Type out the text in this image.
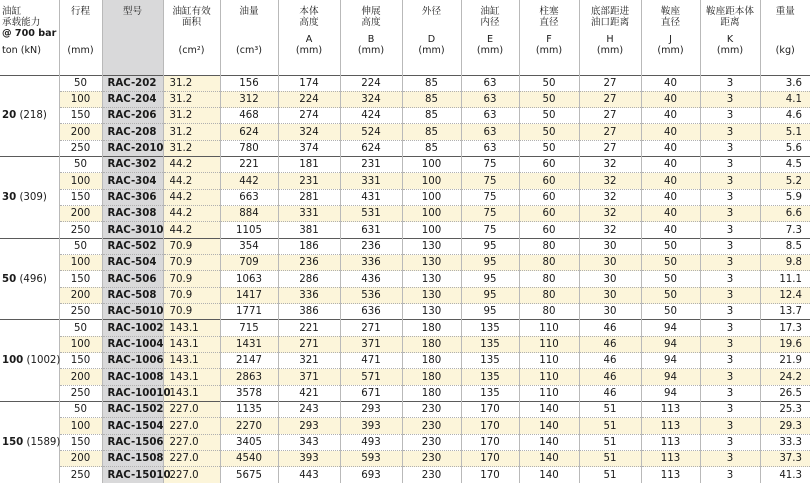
油缸
承载能力
@ 700 bar
ton (kN)	行程

(mm)	型号	油缸有效
面积

(cm²)	油量

(cm³)	本体
高度
A
(mm)	伸展
高度
B
(mm)	外径

D
(mm)	油缸
内径
E
(mm)	柱塞
直径
F
(mm)	底部距进
油口距离
H
(mm)	鞍座
直径
J
(mm)	鞍座距本体
距离
K
(mm)	重量

(kg)

20 (218)	50	RAC-202	31.2	156	174	224	85	63	50	27	40	3	3.6
	100	RAC-204	31.2	312	224	324	85	63	50	27	40	3	4.1
	150	RAC-206	31.2	468	274	424	85	63	50	27	40	3	4.6
	200	RAC-208	31.2	624	324	524	85	63	50	27	40	3	5.1
	250	RAC-2010	31.2	780	374	624	85	63	50	27	40	3	5.6
30 (309)	50	RAC-302	44.2	221	181	231	100	75	60	32	40	3	4.5
	100	RAC-304	44.2	442	231	331	100	75	60	32	40	3	5.2
	150	RAC-306	44.2	663	281	431	100	75	60	32	40	3	5.9
	200	RAC-308	44.2	884	331	531	100	75	60	32	40	3	6.6
	250	RAC-3010	44.2	1105	381	631	100	75	60	32	40	3	7.3
50 (496)	50	RAC-502	70.9	354	186	236	130	95	80	30	50	3	8.5
	100	RAC-504	70.9	709	236	336	130	95	80	30	50	3	9.8
	150	RAC-506	70.9	1063	286	436	130	95	80	30	50	3	11.1
	200	RAC-508	70.9	1417	336	536	130	95	80	30	50	3	12.4
	250	RAC-5010	70.9	1771	386	636	130	95	80	30	50	3	13.7
100 (1002)	50	RAC-1002	143.1	715	221	271	180	135	110	46	94	3	17.3
	100	RAC-1004	143.1	1431	271	371	180	135	110	46	94	3	19.6
	150	RAC-1006	143.1	2147	321	471	180	135	110	46	94	3	21.9
	200	RAC-1008	143.1	2863	371	571	180	135	110	46	94	3	24.2
	250	RAC-10010	143.1	3578	421	671	180	135	110	46	94	3	26.5
150 (1589)	50	RAC-1502	227.0	1135	243	293	230	170	140	51	113	3	25.3
	100	RAC-1504	227.0	2270	293	393	230	170	140	51	113	3	29.3
	150	RAC-1506	227.0	3405	343	493	230	170	140	51	113	3	33.3
	200	RAC-1508	227.0	4540	393	593	230	170	140	51	113	3	37.3
	250	RAC-15010	227.0	5675	443	693	230	170	140	51	113	3	41.3
